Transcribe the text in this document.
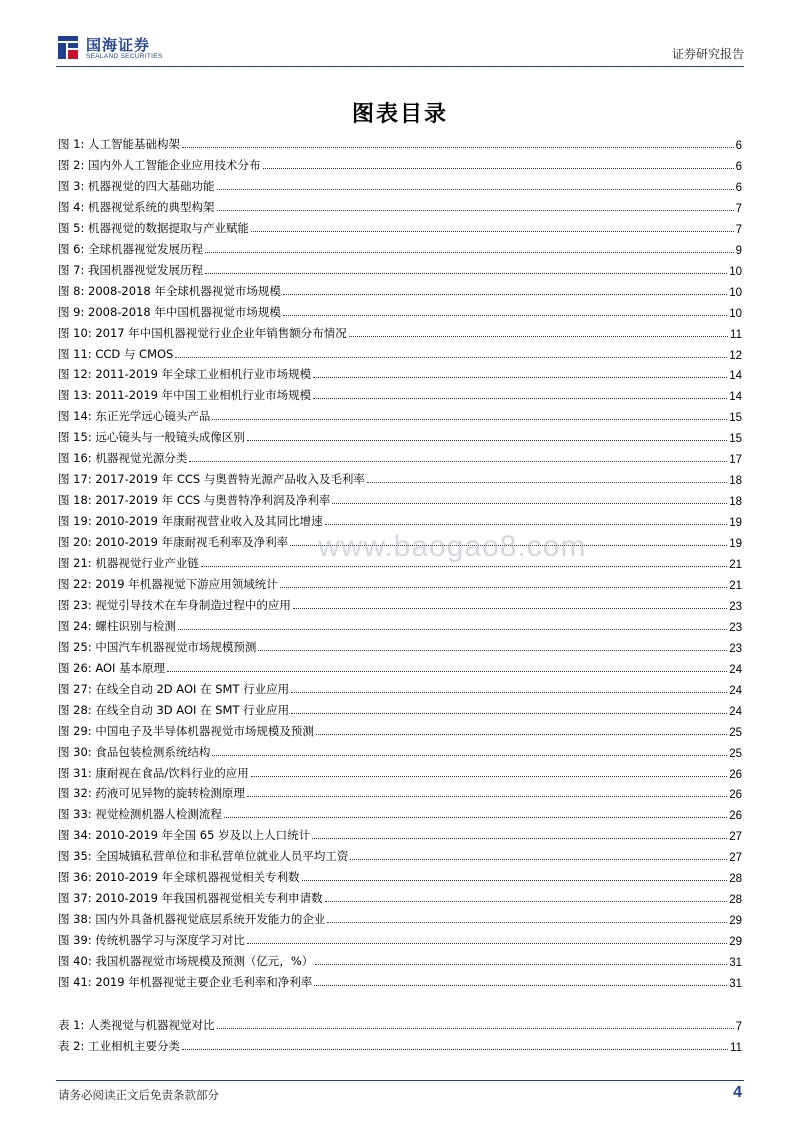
国海证券
SEALAND SECURITIES	证券研究报告
图表目录
图 1: 人工智能基础构架	6
图 2: 国内外人工智能企业应用技术分布	6
图 3: 机器视觉的四大基础功能	6
图 4: 机器视觉系统的典型构架	7
图 5: 机器视觉的数据提取与产业赋能	7
图 6: 全球机器视觉发展历程	9
图 7: 我国机器视觉发展历程	10
图 8: 2008-2018 年全球机器视觉市场规模	10
图 9: 2008-2018 年中国机器视觉市场规模	10
图 10: 2017 年中国机器视觉行业企业年销售额分布情况	11
图 11: CCD 与 CMOS	12
图 12: 2011-2019 年全球工业相机行业市场规模	14
图 13: 2011-2019 年中国工业相机行业市场规模	14
图 14: 东正光学远心镜头产品	15
图 15: 远心镜头与一般镜头成像区别	15
图 16: 机器视觉光源分类	17
图 17: 2017-2019 年 CCS 与奥普特光源产品收入及毛利率	18
图 18: 2017-2019 年 CCS 与奥普特净利润及净利率	18
图 19: 2010-2019 年康耐视营业收入及其同比增速	19
图 20: 2010-2019 年康耐视毛利率及净利率	19
图 21: 机器视觉行业产业链	21
图 22: 2019 年机器视觉下游应用领域统计	21
图 23: 视觉引导技术在车身制造过程中的应用	23
图 24: 螺柱识别与检测	23
图 25: 中国汽车机器视觉市场规模预测	23
图 26: AOI 基本原理	24
图 27: 在线全自动 2D AOI 在 SMT 行业应用	24
图 28: 在线全自动 3D AOI 在 SMT 行业应用	24
图 29: 中国电子及半导体机器视觉市场规模及预测	25
图 30: 食品包装检测系统结构	25
图 31: 康耐视在食品/饮料行业的应用	26
图 32: 药液可见异物的旋转检测原理	26
图 33: 视觉检测机器人检测流程	26
图 34: 2010-2019 年全国 65 岁及以上人口统计	27
图 35: 全国城镇私营单位和非私营单位就业人员平均工资	27
图 36: 2010-2019 年全球机器视觉相关专利数	28
图 37: 2010-2019 年我国机器视觉相关专利申请数	28
图 38: 国内外具备机器视觉底层系统开发能力的企业	29
图 39: 传统机器学习与深度学习对比	29
图 40: 我国机器视觉市场规模及预测（亿元，%）	31
图 41: 2019 年机器视觉主要企业毛利率和净利率	31
表 1: 人类视觉与机器视觉对比	7
表 2: 工业相机主要分类	11
www.baogao8.com
请务必阅读正文后免责条款部分	4
